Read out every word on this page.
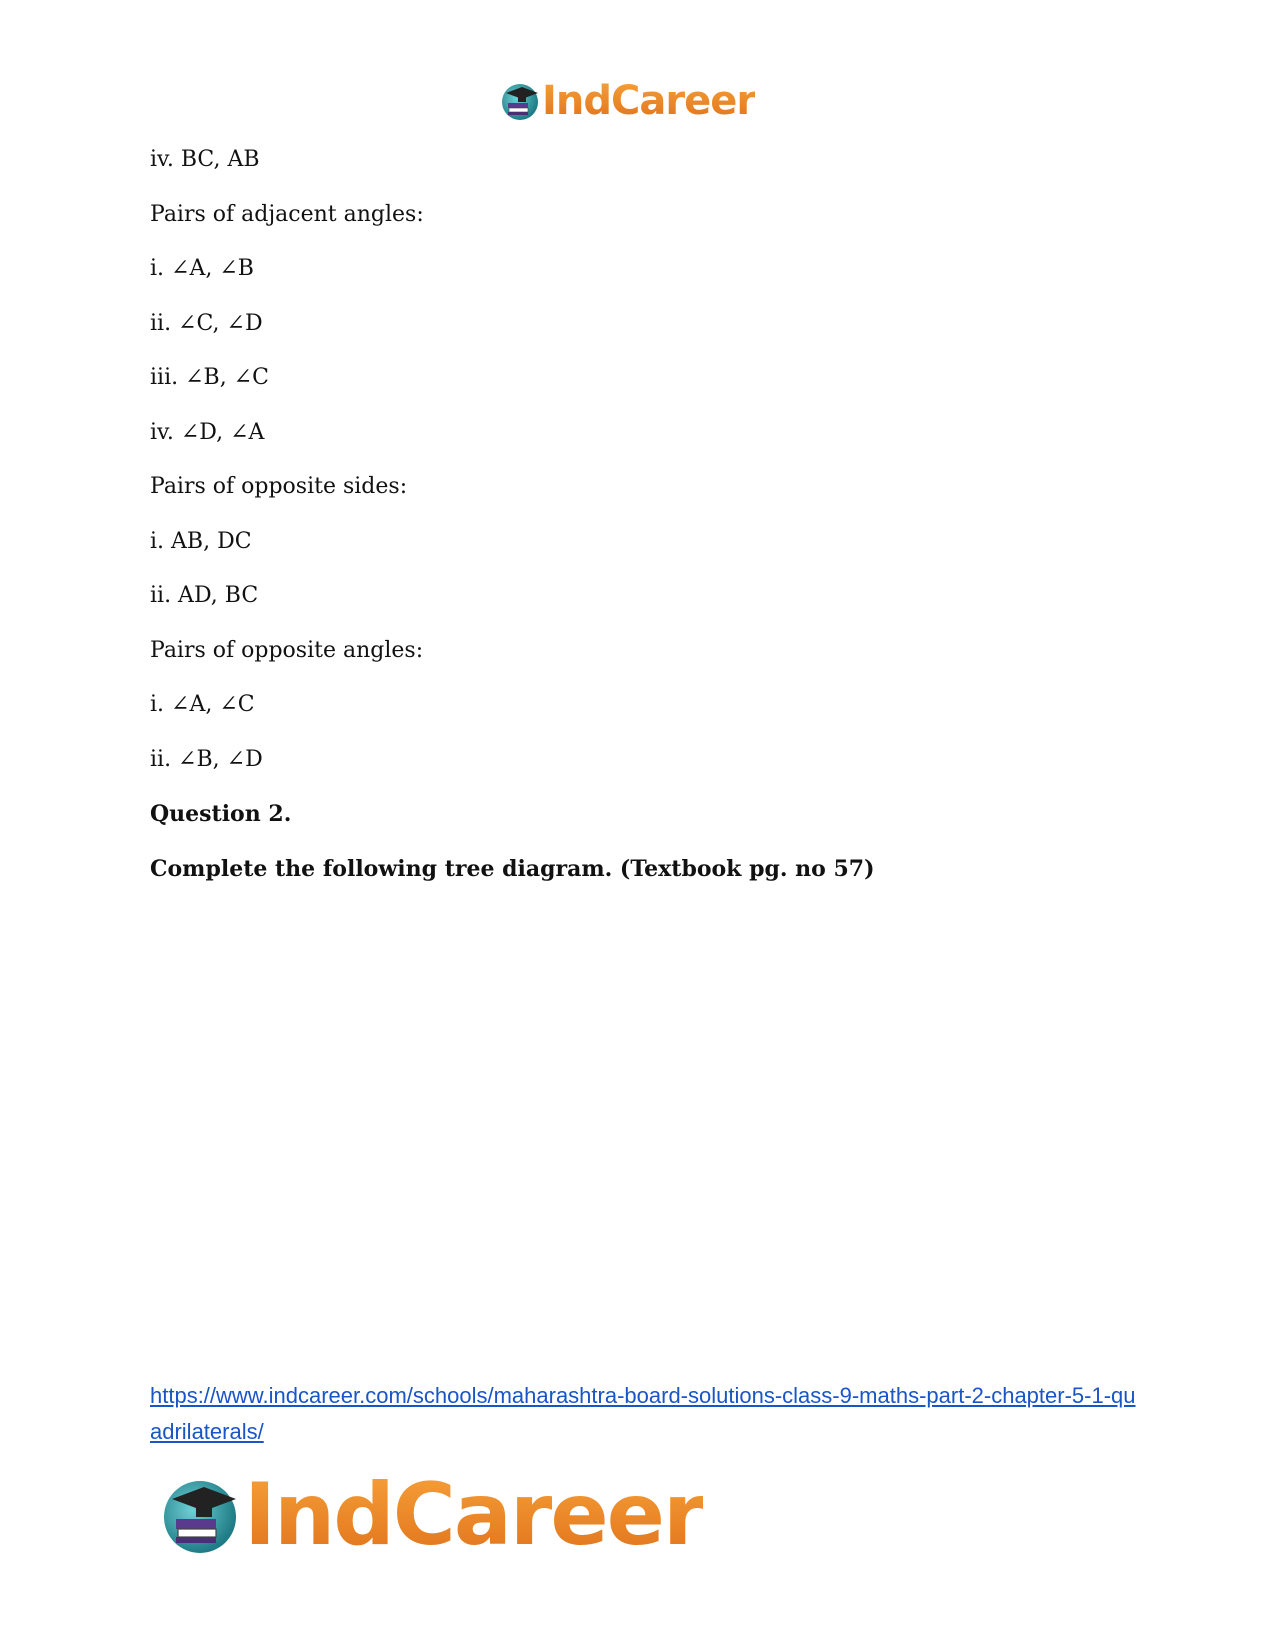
IndCareer
iv. BC, AB
Pairs of adjacent angles:
i. ∠A, ∠B
ii. ∠C, ∠D
iii. ∠B, ∠C
iv. ∠D, ∠A
Pairs of opposite sides:
i. AB, DC
ii. AD, BC
Pairs of opposite angles:
i. ∠A, ∠C
ii. ∠B, ∠D
Question 2.
Complete the following tree diagram. (Textbook pg. no 57)
https://www.indcareer.com/schools/maharashtra-board-solutions-class-9-maths-part-2-chapter-5-1-quadrilaterals/
IndCareer
